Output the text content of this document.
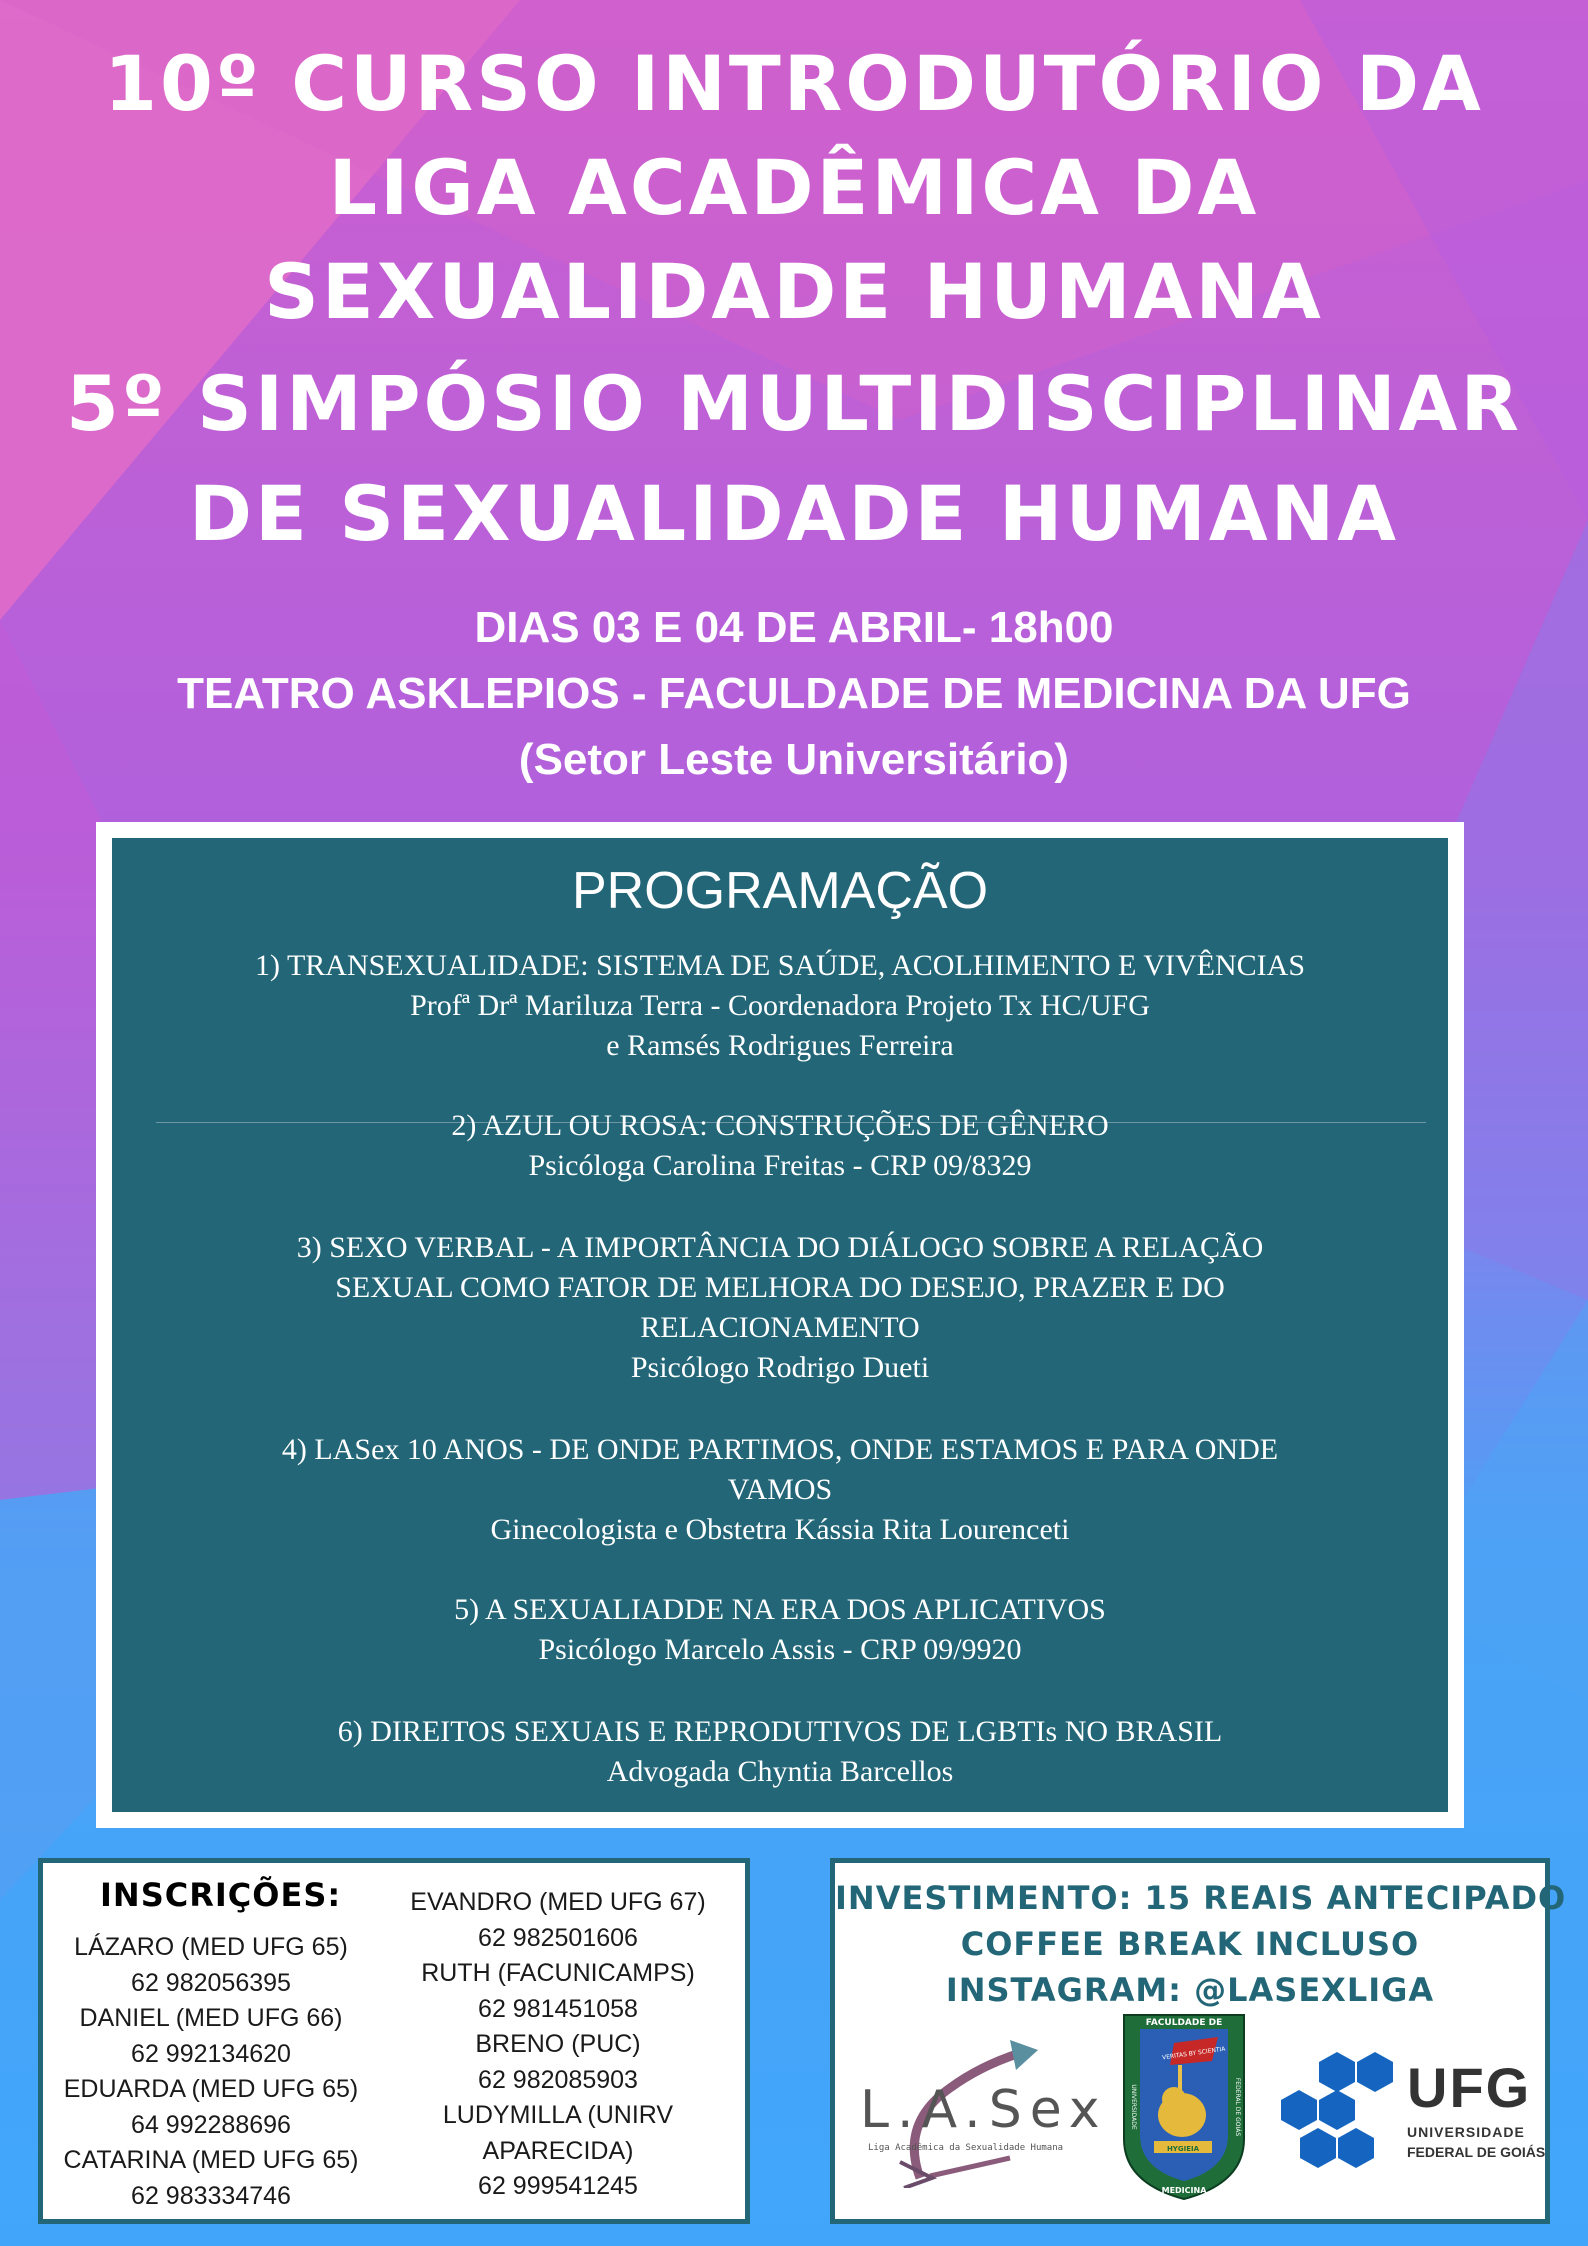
10º CURSO INTRODUTÓRIO DA
LIGA ACADÊMICA DA
SEXUALIDADE HUMANA
5º SIMPÓSIO MULTIDISCIPLINAR
DE SEXUALIDADE HUMANA
DIAS 03 E 04 DE ABRIL- 18h00
TEATRO ASKLEPIOS - FACULDADE DE MEDICINA DA UFG
(Setor Leste Universitário)
PROGRAMAÇÃO
1) TRANSEXUALIDADE: SISTEMA DE SAÚDE, ACOLHIMENTO E VIVÊNCIAS
Profª Drª Mariluza Terra - Coordenadora Projeto Tx HC/UFG
e Ramsés Rodrigues Ferreira
2) AZUL OU ROSA: CONSTRUÇÕES DE GÊNERO
Psicóloga Carolina Freitas - CRP 09/8329
3) SEXO VERBAL - A IMPORTÂNCIA DO DIÁLOGO SOBRE A RELAÇÃO
SEXUAL COMO FATOR DE MELHORA DO DESEJO, PRAZER E DO
RELACIONAMENTO
Psicólogo Rodrigo Dueti
4) LASex 10 ANOS - DE ONDE PARTIMOS, ONDE ESTAMOS E PARA ONDE
VAMOS
Ginecologista e Obstetra Kássia Rita Lourenceti
5) A SEXUALIADDE NA ERA DOS APLICATIVOS
Psicólogo Marcelo Assis - CRP 09/9920
6) DIREITOS SEXUAIS E REPRODUTIVOS DE LGBTIs NO BRASIL
Advogada Chyntia Barcellos
INSCRIÇÕES:
LÁZARO (MED UFG 65)
62 982056395
DANIEL (MED UFG 66)
62 992134620
EDUARDA (MED UFG 65)
64 992288696
CATARINA (MED UFG 65)
62 983334746
EVANDRO (MED UFG 67)
62 982501606
RUTH (FACUNICAMPS)
62 981451058
BRENO (PUC)
62 982085903
LUDYMILLA (UNIRV
APARECIDA)
62 999541245
INVESTIMENTO: 15 REAIS ANTECIPADO
COFFEE BREAK INCLUSO
INSTAGRAM: @LASEXLIGA
L.A.Sex
Liga Acadêmica da Sexualidade Humana
FACULDADE DE
MEDICINA
VERITAS BY SCIENTIA
HYGIEIA
UNIVERSIDADE	FEDERAL DE GOIÁS	UFG
UNIVERSIDADE
FEDERAL DE GOIÁS
